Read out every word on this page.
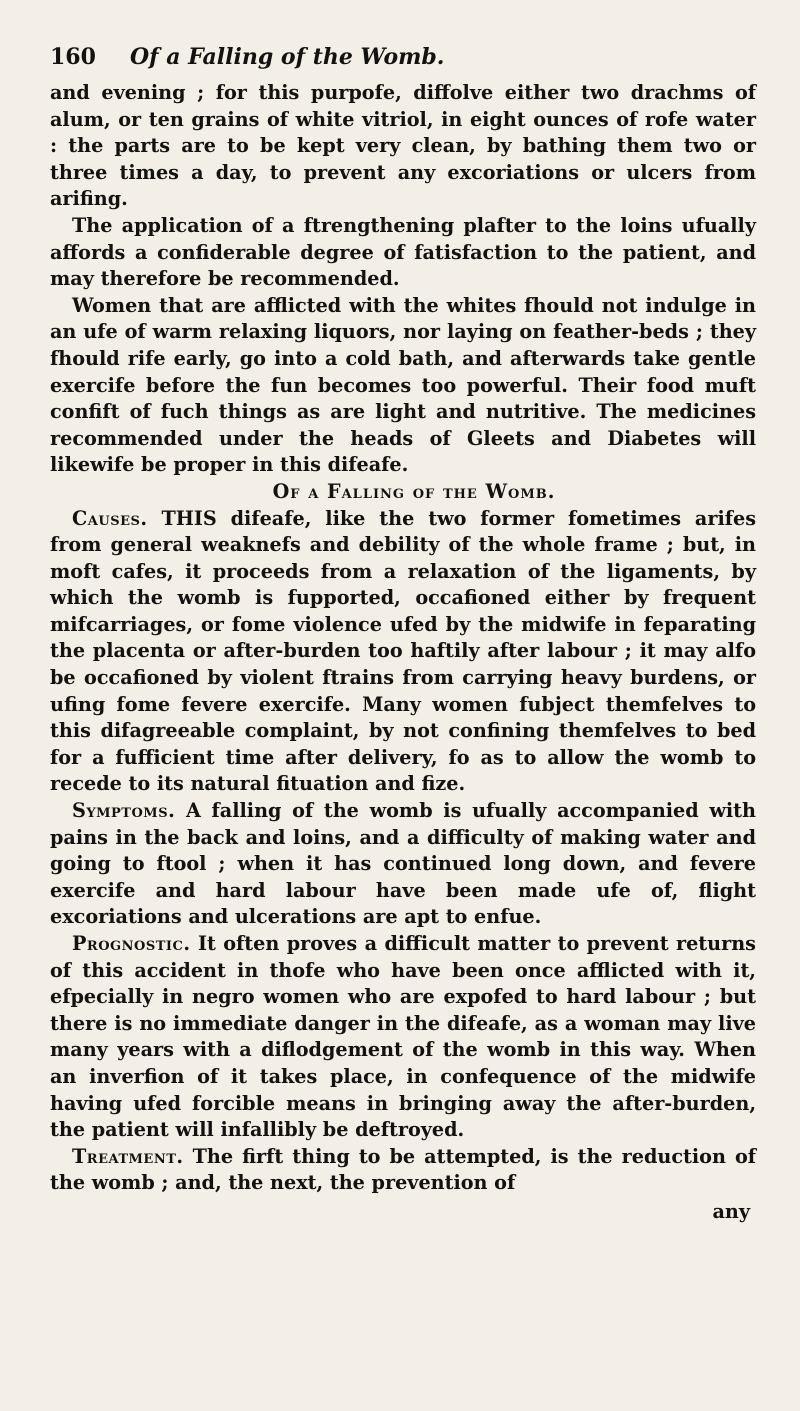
160 Of a Falling of the Womb.

and evening ; for this purpofe, diffolve either two drachms of alum, or ten grains of white vitriol, in eight ounces of rofe water : the parts are to be kept very clean, by bathing them two or three times a day, to prevent any excoriations or ulcers from arifing.

The application of a ftrengthening plafter to the loins ufually affords a confiderable degree of fatisfaction to the patient, and may therefore be recommended.

Women that are afflicted with the whites fhould not indulge in an ufe of warm relaxing liquors, nor laying on feather-beds ; they fhould rife early, go into a cold bath, and afterwards take gentle exercife before the fun becomes too powerful. Their food muft confift of fuch things as are light and nutritive. The medicines recommended under the heads of Gleets and Diabetes will likewife be proper in this difeafe.

Of a Falling of the Womb.

Causes. THIS difeafe, like the two former fometimes arifes from general weaknefs and debility of the whole frame ; but, in moft cafes, it proceeds from a relaxation of the ligaments, by which the womb is fupported, occafioned either by frequent mifcarriages, or fome violence ufed by the midwife in feparating the placenta or after-burden too haftily after labour ; it may alfo be occafioned by violent ftrains from carrying heavy burdens, or ufing fome fevere exercife. Many women fubject themfelves to this difagreeable complaint, by not confining themfelves to bed for a fufficient time after delivery, fo as to allow the womb to recede to its natural fituation and fize.

Symptoms. A falling of the womb is ufually accompanied with pains in the back and loins, and a difficulty of making water and going to ftool ; when it has continued long down, and fevere exercife and hard labour have been made ufe of, flight excoriations and ulcerations are apt to enfue.

Prognostic. It often proves a difficult matter to prevent returns of this accident in thofe who have been once afflicted with it, efpecially in negro women who are expofed to hard labour ; but there is no immediate danger in the difeafe, as a woman may live many years with a diflodgement of the womb in this way. When an inverfion of it takes place, in confequence of the midwife having ufed forcible means in bringing away the after-burden, the patient will infallibly be deftroyed.

Treatment. The firft thing to be attempted, is the reduction of the womb ; and, the next, the prevention of

any
